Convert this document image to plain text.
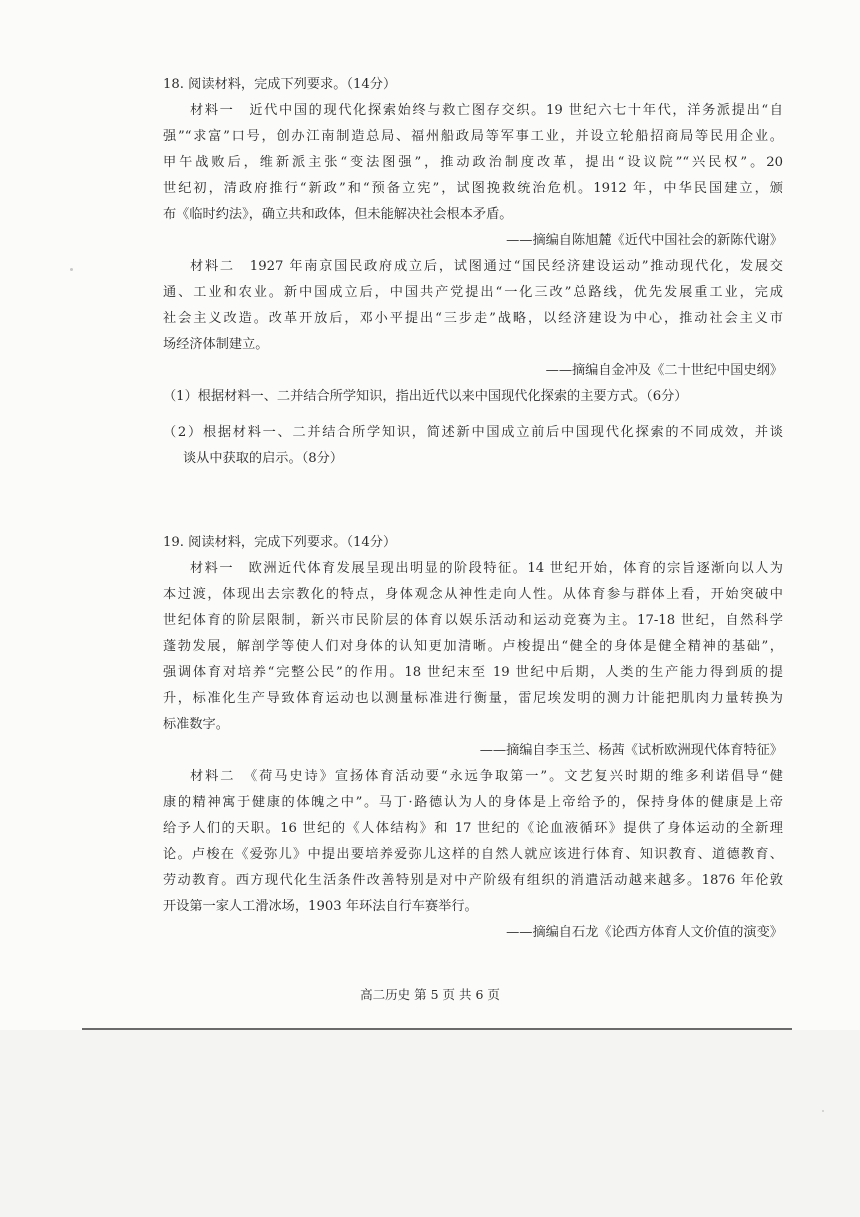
18. 阅读材料，完成下列要求。（14分）
材料一　近代中国的现代化探索始终与救亡图存交织。19 世纪六七十年代，洋务派提出“自
强”“求富”口号，创办江南制造总局、福州船政局等军事工业，并设立轮船招商局等民用企业。
甲午战败后，维新派主张“变法图强”，推动政治制度改革，提出“设议院”“兴民权”。20
世纪初，清政府推行“新政”和“预备立宪”，试图挽救统治危机。1912 年，中华民国建立，颁
布《临时约法》，确立共和政体，但未能解决社会根本矛盾。
——摘编自陈旭麓《近代中国社会的新陈代谢》
材料二　1927 年南京国民政府成立后，试图通过“国民经济建设运动”推动现代化，发展交
通、工业和农业。新中国成立后，中国共产党提出“一化三改”总路线，优先发展重工业，完成
社会主义改造。改革开放后，邓小平提出“三步走”战略，以经济建设为中心，推动社会主义市
场经济体制建立。
——摘编自金冲及《二十世纪中国史纲》
（1）根据材料一、二并结合所学知识，指出近代以来中国现代化探索的主要方式。（6分）
（2）根据材料一、二并结合所学知识，简述新中国成立前后中国现代化探索的不同成效，并谈
谈从中获取的启示。（8分）
19. 阅读材料，完成下列要求。（14分）
材料一　欧洲近代体育发展呈现出明显的阶段特征。14 世纪开始，体育的宗旨逐渐向以人为
本过渡，体现出去宗教化的特点，身体观念从神性走向人性。从体育参与群体上看，开始突破中
世纪体育的阶层限制，新兴市民阶层的体育以娱乐活动和运动竞赛为主。17-18 世纪，自然科学
蓬勃发展，解剖学等使人们对身体的认知更加清晰。卢梭提出“健全的身体是健全精神的基础”，
强调体育对培养“完整公民”的作用。18 世纪末至 19 世纪中后期，人类的生产能力得到质的提
升，标准化生产导致体育运动也以测量标准进行衡量，雷尼埃发明的测力计能把肌肉力量转换为
标准数字。
——摘编自李玉兰、杨茜《试析欧洲现代体育特征》
材料二　《荷马史诗》宣扬体育活动要“永远争取第一”。文艺复兴时期的维多利诺倡导“健
康的精神寓于健康的体魄之中”。马丁·路德认为人的身体是上帝给予的，保持身体的健康是上帝
给予人们的天职。16 世纪的《人体结构》和 17 世纪的《论血液循环》提供了身体运动的全新理
论。卢梭在《爱弥儿》中提出要培养爱弥儿这样的自然人就应该进行体育、知识教育、道德教育、
劳动教育。西方现代化生活条件改善特别是对中产阶级有组织的消遣活动越来越多。1876 年伦敦
开设第一家人工滑冰场，1903 年环法自行车赛举行。
——摘编自石龙《论西方体育人文价值的演变》
高二历史 第 5 页 共 6 页
